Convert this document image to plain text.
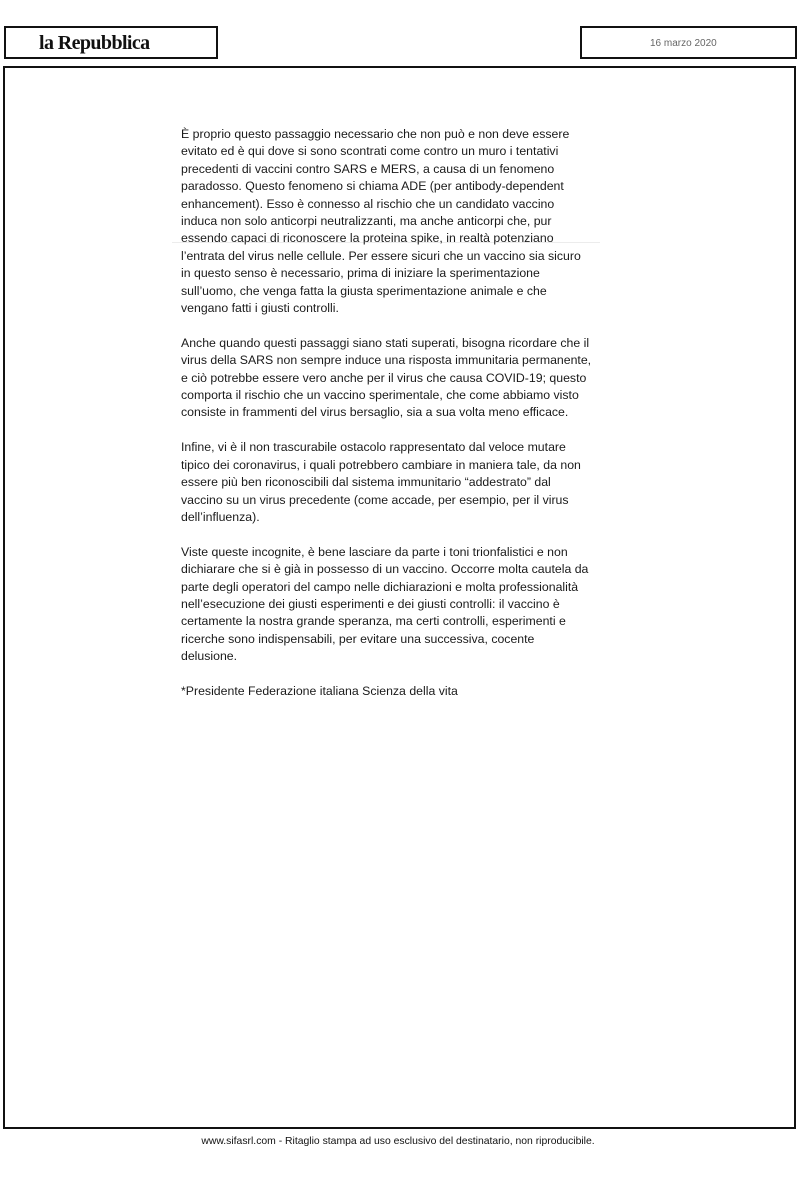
la Repubblica	16 marzo 2020

È proprio questo passaggio necessario che non può e non deve essere evitato ed è qui dove si sono scontrati come contro un muro i tentativi precedenti di vaccini contro SARS e MERS, a causa di un fenomeno paradosso. Questo fenomeno si chiama ADE (per antibody-dependent enhancement). Esso è connesso al rischio che un candidato vaccino induca non solo anticorpi neutralizzanti, ma anche anticorpi che, pur essendo capaci di riconoscere la proteina spike, in realtà potenziano l’entrata del virus nelle cellule. Per essere sicuri che un vaccino sia sicuro in questo senso è necessario, prima di iniziare la sperimentazione sull’uomo, che venga fatta la giusta sperimentazione animale e che vengano fatti i giusti controlli.

Anche quando questi passaggi siano stati superati, bisogna ricordare che il virus della SARS non sempre induce una risposta immunitaria permanente, e ciò potrebbe essere vero anche per il virus che causa COVID-19; questo comporta il rischio che un vaccino sperimentale, che come abbiamo visto consiste in frammenti del virus bersaglio, sia a sua volta meno efficace.

Infine, vi è il non trascurabile ostacolo rappresentato dal veloce mutare tipico dei coronavirus, i quali potrebbero cambiare in maniera tale, da non essere più ben riconoscibili dal sistema immunitario “addestrato” dal vaccino su un virus precedente (come accade, per esempio, per il virus dell’influenza).

Viste queste incognite, è bene lasciare da parte i toni trionfalistici e non dichiarare che si è già in possesso di un vaccino. Occorre molta cautela da parte degli operatori del campo nelle dichiarazioni e molta professionalità nell’esecuzione dei giusti esperimenti e dei giusti controlli: il vaccino è certamente la nostra grande speranza, ma certi controlli, esperimenti e ricerche sono indispensabili, per evitare una successiva, cocente delusione.

*Presidente Federazione italiana Scienza della vita

www.sifasrl.com - Ritaglio stampa ad uso esclusivo del destinatario, non riproducibile.
